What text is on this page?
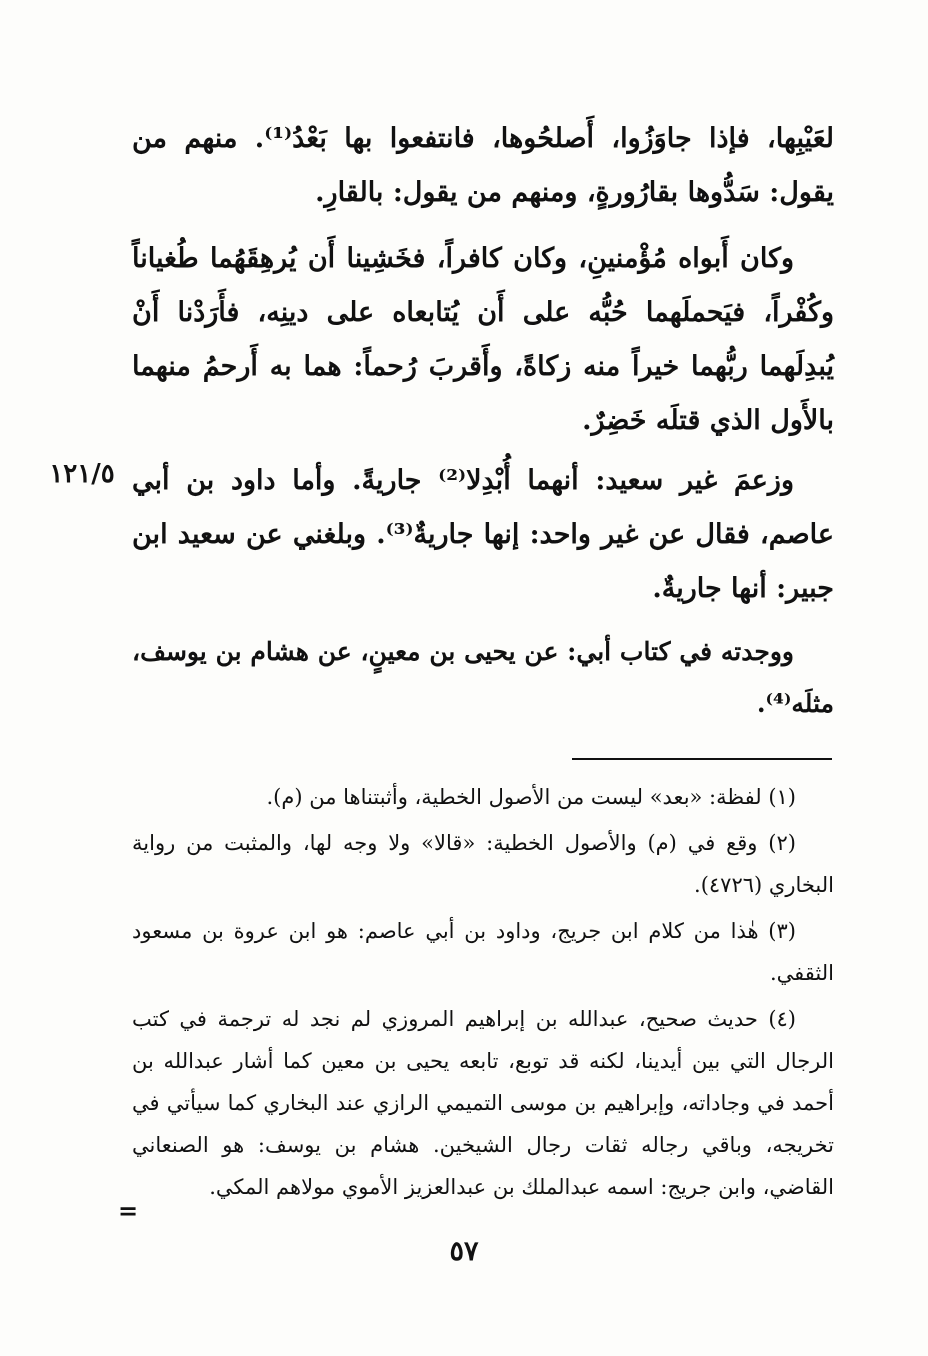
لعَيْبِها، فإذا جاوَزُوا، أَصلحُوها، فانتفعوا بها بَعْدُ⁽¹⁾. منهم من يقول: سَدُّوها بقارُورةٍ، ومنهم من يقول: بالقارِ.

وكان أَبواه مُؤْمنينِ، وكان كافراً، فخَشِينا أَن يُرهِقَهُما طُغياناً وكُفْراً، فيَحملَهما حُبُّه على أَن يُتابعاه على دينِه، فأَرَدْنا أَنْ يُبدِلَهما ربُّهما خيراً منه زكاةً، وأَقربَ رُحماً: هما به أَرحمُ منهما بالأَول الذي قتلَه خَضِرٌ.

١٢١/٥ وزعمَ غير سعيد: أنهما أُبْدِلا⁽²⁾ جاريةً. وأما داود بن أبي عاصم، فقال عن غير واحد: إنها جاريةٌ⁽³⁾. وبلغني عن سعيد ابن جبير: أنها جاريةٌ.

ووجدته في كتاب أبي: عن يحيى بن معينٍ، عن هشام بن يوسف، مثلَه⁽⁴⁾.

(١) لفظة: «بعد» ليست من الأصول الخطية، وأثبتناها من (م).

(٢) وقع في (م) والأصول الخطية: «قالا» ولا وجه لها، والمثبت من رواية البخاري (٤٧٢٦).

(٣) هٰذا من كلام ابن جريج، وداود بن أبي عاصم: هو ابن عروة بن مسعود الثقفي.

(٤) حديث صحيح، عبدالله بن إبراهيم المروزي لم نجد له ترجمة في كتب الرجال التي بين أيدينا، لكنه قد توبع، تابعه يحيى بن معين كما أشار عبدالله بن أحمد في وجاداته، وإبراهيم بن موسى التميمي الرازي عند البخاري كما سيأتي في تخريجه، وباقي رجاله ثقات رجال الشيخين. هشام بن يوسف: هو الصنعاني القاضي، وابن جريج: اسمه عبدالملك بن عبدالعزيز الأموي مولاهم المكي.

=
٥٧
